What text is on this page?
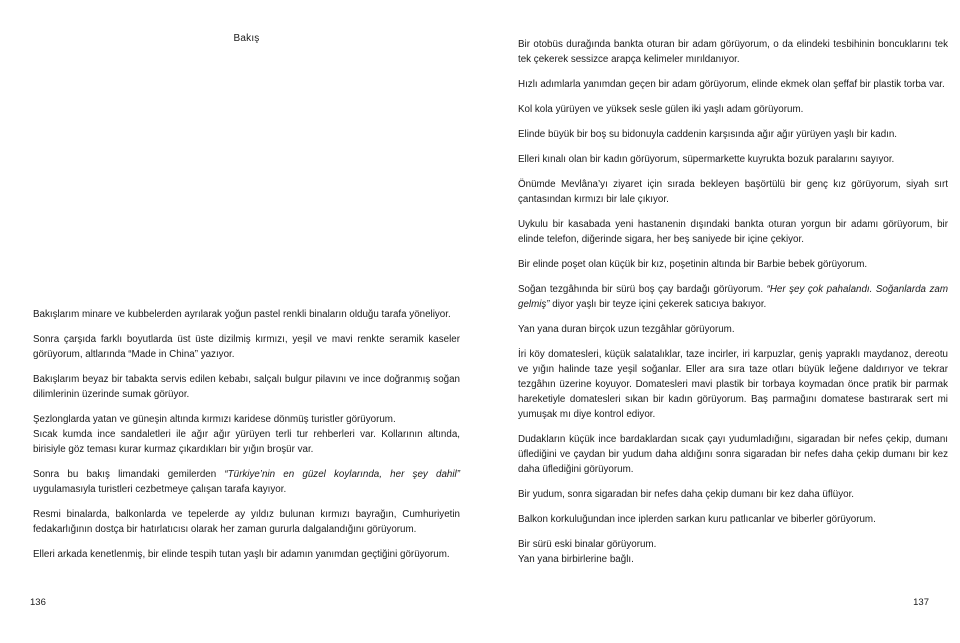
Bakış

Bakışlarım minare ve kubbelerden ayrılarak yoğun pastel renkli binaların olduğu tarafa yöneliyor.

Sonra çarşıda farklı boyutlarda üst üste dizilmiş kırmızı, yeşil ve mavi renkte seramik kaseler görüyorum, altlarında “Made in China” yazıyor.

Bakışlarım beyaz bir tabakta servis edilen kebabı, salçalı bulgur pilavını ve ince doğranmış soğan dilimlerinin üzerinde sumak görüyor.

Şezlonglarda yatan ve güneşin altında kırmızı karidese dönmüş turistler görüyorum.
Sıcak kumda ince sandaletleri ile ağır ağır yürüyen terli tur rehberleri var. Kollarının altında, birisiyle göz teması kurar kurmaz çıkardıkları bir yığın broşür var.

Sonra bu bakış limandaki gemilerden “Türkiye’nin en güzel koylarında, her şey dahil” uygulamasıyla turistleri cezbetmeye çalışan tarafa kayıyor.

Resmi binalarda, balkonlarda ve tepelerde ay yıldız bulunan kırmızı bayrağın, Cumhuriyetin fedakarlığının dostça bir hatırlatıcısı olarak her zaman gururla dalgalandığını görüyorum.

Elleri arkada kenetlenmiş, bir elinde tespih tutan yaşlı bir adamın yanımdan geçtiğini görüyorum.

136

Bir otobüs durağında bankta oturan bir adam görüyorum, o da elindeki tesbihinin boncuklarını tek tek çekerek sessizce arapça kelimeler mırıldanıyor.

Hızlı adımlarla yanımdan geçen bir adam görüyorum, elinde ekmek olan şeffaf bir plastik torba var.

Kol kola yürüyen ve yüksek sesle gülen iki yaşlı adam görüyorum.

Elinde büyük bir boş su bidonuyla caddenin karşısında ağır ağır yürüyen yaşlı bir kadın.

Elleri kınalı olan bir kadın görüyorum, süpermarkette kuyrukta bozuk paralarını sayıyor.

Önümde Mevlâna’yı ziyaret için sırada bekleyen başörtülü bir genç kız görüyorum, siyah sırt çantasından kırmızı bir lale çıkıyor.

Uykulu bir kasabada yeni hastanenin dışındaki bankta oturan yorgun bir adamı görüyorum, bir elinde telefon, diğerinde sigara, her beş saniyede bir içine çekiyor.

Bir elinde poşet olan küçük bir kız, poşetinin altında bir Barbie bebek görüyorum.

Soğan tezgâhında bir sürü boş çay bardağı görüyorum. “Her şey çok pahalandı. Soğanlarda zam gelmiş” diyor yaşlı bir teyze içini çekerek satıcıya bakıyor.

Yan yana duran birçok uzun tezgâhlar görüyorum.

İri köy domatesleri, küçük salatalıklar, taze incirler, iri karpuzlar, geniş yapraklı maydanoz, dereotu ve yığın halinde taze yeşil soğanlar. Eller ara sıra taze otları büyük leğene daldırıyor ve tekrar tezgâhın üzerine koyuyor. Domatesleri mavi plastik bir torbaya koymadan önce pratik bir parmak hareketiyle domatesleri sıkan bir kadın görüyorum. Baş parmağını domatese bastırarak sert mi yumuşak mı diye kontrol ediyor.

Dudakların küçük ince bardaklardan sıcak çayı yudumladığını, sigaradan bir nefes çekip, dumanı üflediğini ve çaydan bir yudum daha aldığını sonra sigaradan bir nefes daha çekip dumanı bir kez daha üflediğini görüyorum.

Bir yudum, sonra sigaradan bir nefes daha çekip dumanı bir kez daha üflüyor.

Balkon korkuluğundan ince iplerden sarkan kuru patlıcanlar ve biberler görüyorum.

Bir sürü eski binalar görüyorum.
Yan yana birbirlerine bağlı.

137
